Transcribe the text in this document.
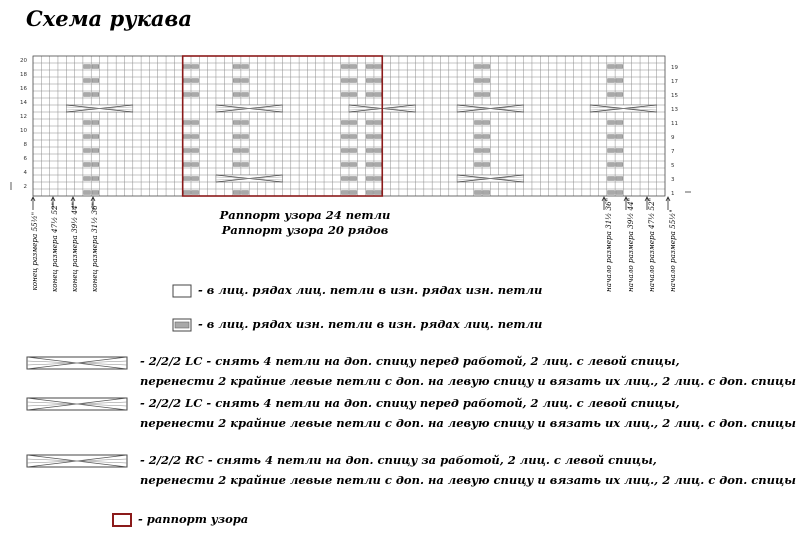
Схема рукава
2
4
6
8
10
12
14
16
18
20
1
3
5
7
9
11
13
15
17
19
Раппорт узора 24 петли
Раппорт узора 20 рядов
конец размера 55½" конец размера 47½ 52" конец размера 39½ 44" конец размера 31½ 36"	начало размера 31½ 36" начало размера 39½ 44" начало размера 47½ 52" начало размера 55½"
- в лиц. рядах лиц. петли в изн. рядах изн. петли
- в лиц. рядах изн. петли в изн. рядах лиц. петли
- 2/2/2 LC - снять 4 петли на доп. спицу перед работой, 2 лиц. с левой спицы,
перенести 2 крайние левые петли с доп. на левую спицу и вязать их лиц., 2 лиц. с доп. спицы
- 2/2/2 LC - снять 4 петли на доп. спицу перед работой, 2 лиц. с левой спицы,
перенести 2 крайние левые петли с доп. на левую спицу и вязать их лиц., 2 лиц. с доп. спицы
- 2/2/2 RC - снять 4 петли на доп. спицу за работой, 2 лиц. с левой спицы,
перенести 2 крайние левые петли с доп. на левую спицу и вязать их лиц., 2 лиц. с доп. спицы
- раппорт узора
